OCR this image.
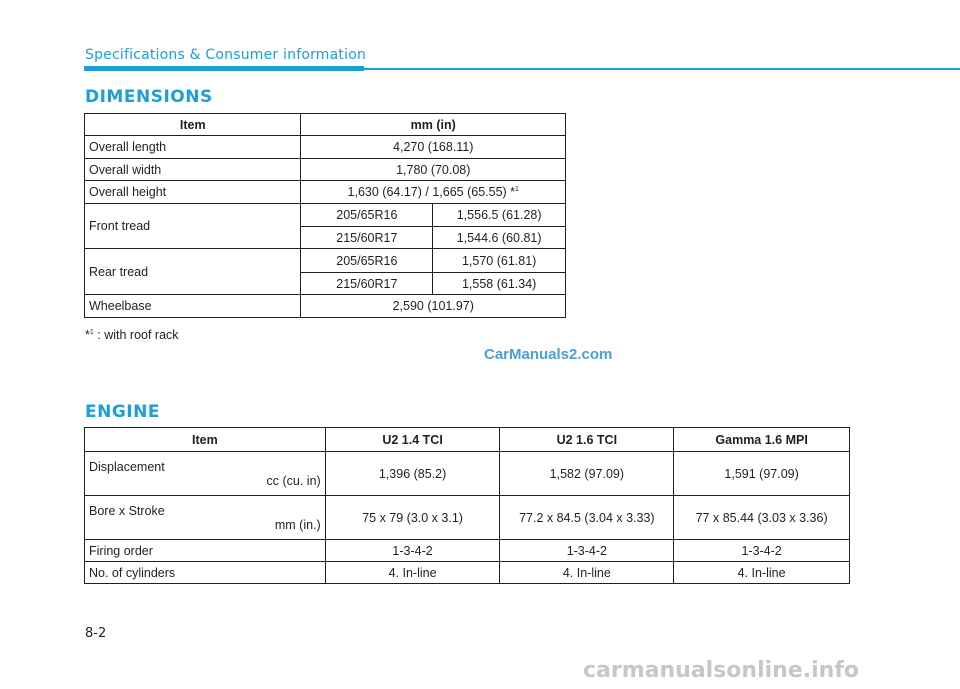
Specifications & Consumer information
DIMENSIONS
Item	mm (in)	
Overall length	4,270 (168.11)	
Overall width	1,780 (70.08)	
Overall height	1,630 (64.17) / 1,665 (65.55) *$^1$
Front tread	205/65R16	1,556.5 (61.28)
	215/60R17	1,544.6 (60.81)
Rear tread	205/65R16	1,570 (61.81)
	215/60R17	1,558 (61.34)
Wheelbase	2,590 (101.97)	
*$^1$ : with roof rack
CarManuals2.com
ENGINE
Item	U2 1.4 TCI	U2 1.6 TCI	Gamma 1.6 MPI
Displacement
cc (cu. in)	1,396 (85.2)	1,582 (97.09)	1,591 (97.09)
Bore x Stroke
mm (in.)	75 x 79 (3.0 x 3.1)	77.2 x 84.5 (3.04 x 3.33)	77 x 85.44 (3.03 x 3.36)
Firing order	1-3-4-2	1-3-4-2	1-3-4-2
No. of cylinders	4. In-line	4. In-line	4. In-line
8-2
carmanualsonline.info
